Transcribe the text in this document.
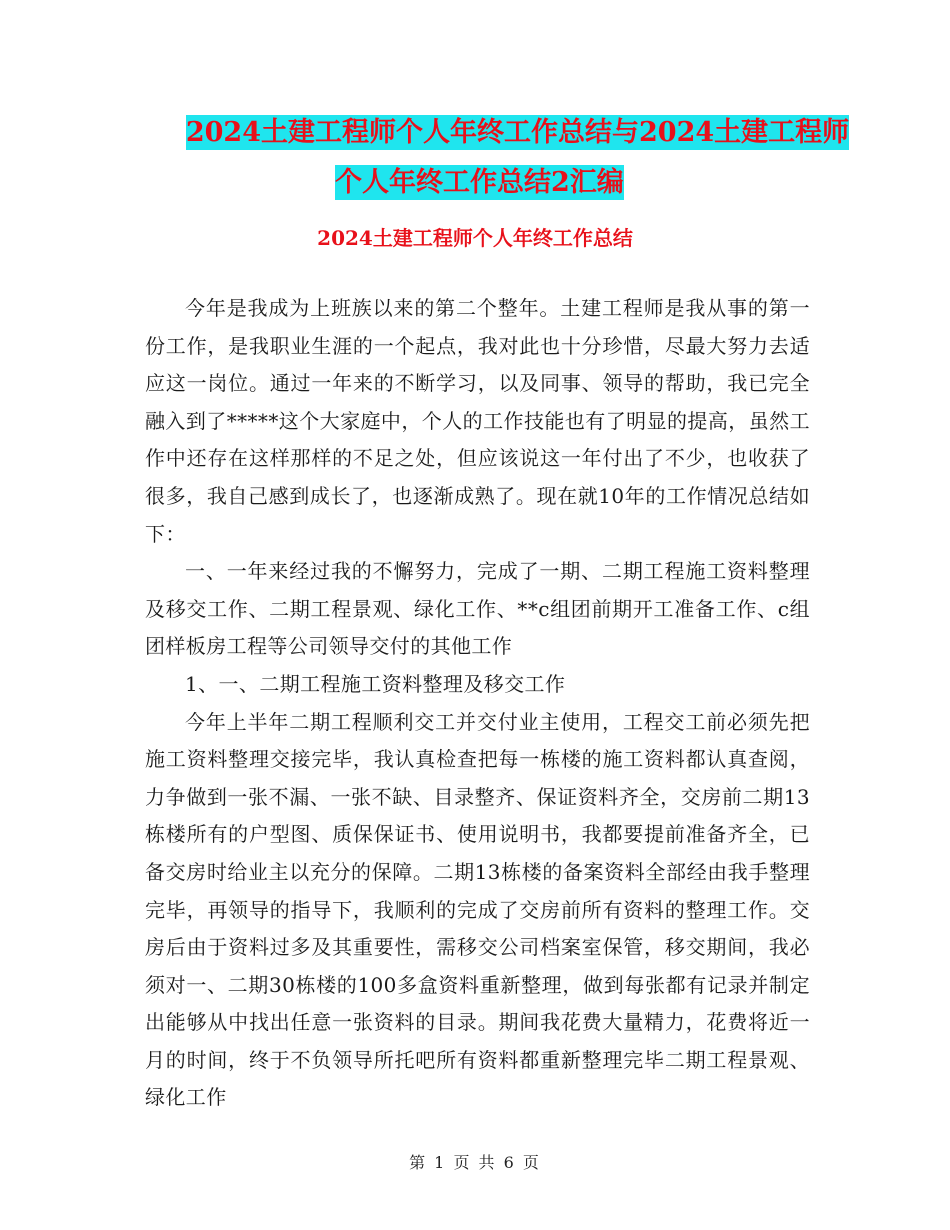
2024土建工程师个人年终工作总结与2024土建工程师
个人年终工作总结2汇编
2024土建工程师个人年终工作总结

今年是我成为上班族以来的第二个整年。土建工程师是我从事的第一份工作，是我职业生涯的一个起点，我对此也十分珍惜，尽最大努力去适应这一岗位。通过一年来的不断学习，以及同事、领导的帮助，我已完全融入到了*****这个大家庭中，个人的工作技能也有了明显的提高，虽然工作中还存在这样那样的不足之处，但应该说这一年付出了不少，也收获了很多，我自己感到成长了，也逐渐成熟了。现在就10年的工作情况总结如下：

一、一年来经过我的不懈努力，完成了一期、二期工程施工资料整理及移交工作、二期工程景观、绿化工作、**c组团前期开工准备工作、c组团样板房工程等公司领导交付的其他工作

1、一、二期工程施工资料整理及移交工作

今年上半年二期工程顺利交工并交付业主使用，工程交工前必须先把施工资料整理交接完毕，我认真检查把每一栋楼的施工资料都认真查阅，力争做到一张不漏、一张不缺、目录整齐、保证资料齐全，交房前二期13栋楼所有的户型图、质保保证书、使用说明书，我都要提前准备齐全，已备交房时给业主以充分的保障。二期13栋楼的备案资料全部经由我手整理完毕，再领导的指导下，我顺利的完成了交房前所有资料的整理工作。交房后由于资料过多及其重要性，需移交公司档案室保管，移交期间，我必须对一、二期30栋楼的100多盒资料重新整理，做到每张都有记录并制定出能够从中找出任意一张资料的目录。期间我花费大量精力，花费将近一月的时间，终于不负领导所托吧所有资料都重新整理完毕二期工程景观、绿化工作

第 1 页 共 6 页
